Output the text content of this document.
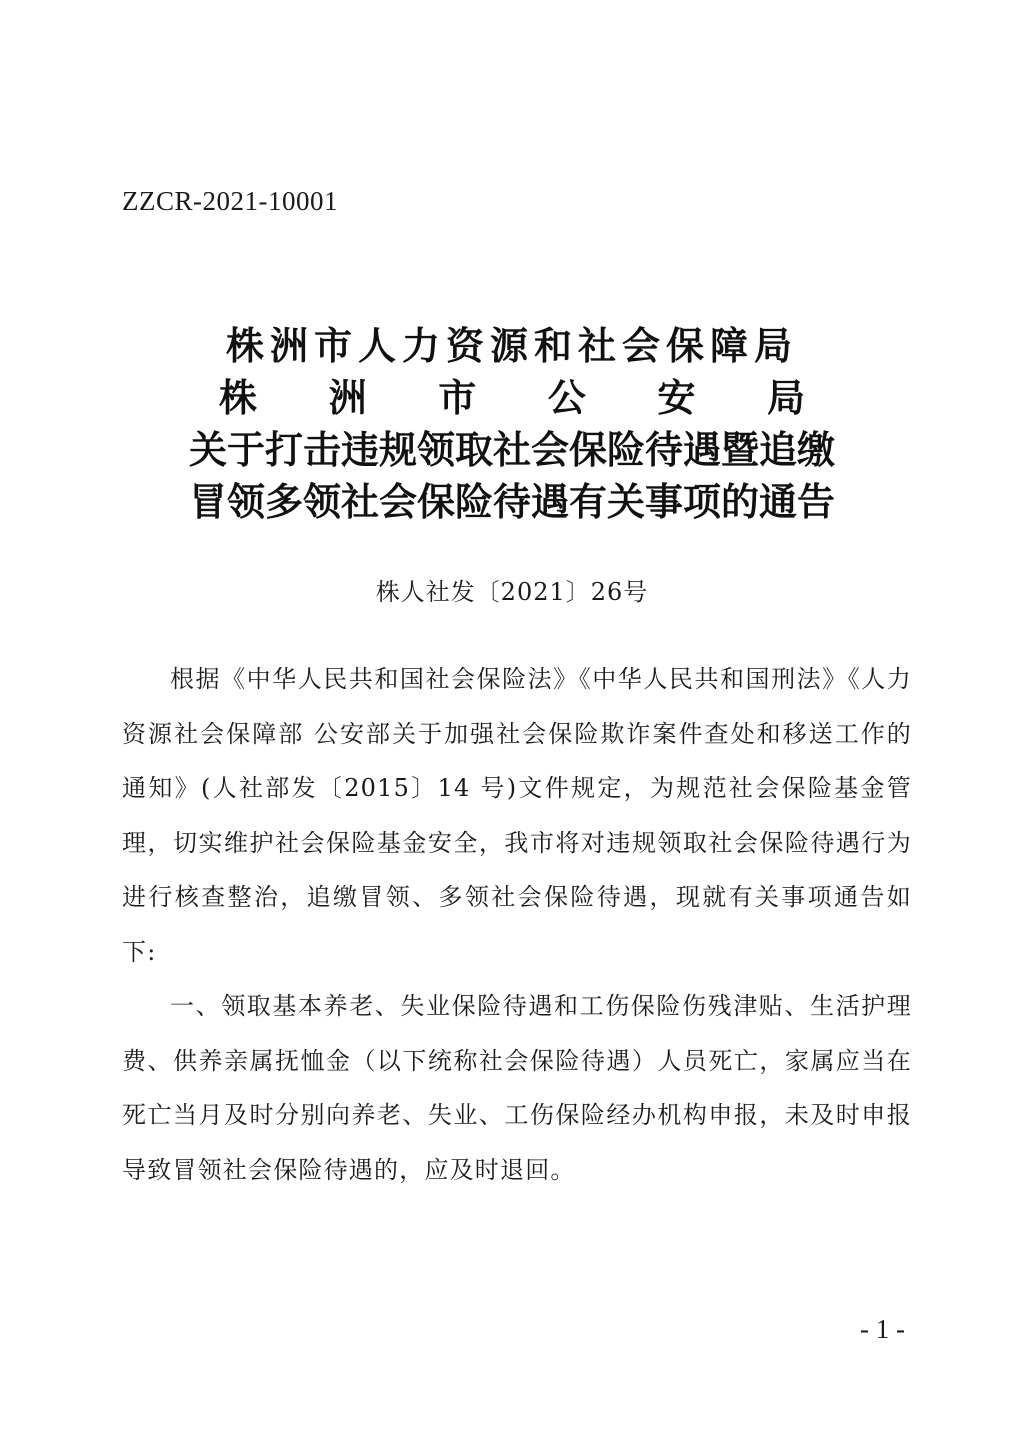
ZZCR-2021-10001
株洲市人力资源和社会保障局
株 洲 市 公 安 局
关于打击违规领取社会保险待遇暨追缴
冒领多领社会保险待遇有关事项的通告
株人社发〔2021〕26号

根据《中华人民共和国社会保险法》《中华人民共和国刑法》《人力资源社会保障部 公安部关于加强社会保险欺诈案件查处和移送工作的通知》(人社部发〔2015〕14 号)文件规定，为规范社会保险基金管理，切实维护社会保险基金安全，我市将对违规领取社会保险待遇行为进行核查整治，追缴冒领、多领社会保险待遇，现就有关事项通告如下:

一、领取基本养老、失业保险待遇和工伤保险伤残津贴、生活护理费、供养亲属抚恤金（以下统称社会保险待遇）人员死亡，家属应当在死亡当月及时分别向养老、失业、工伤保险经办机构申报，未及时申报导致冒领社会保险待遇的，应及时退回。

- 1 -
